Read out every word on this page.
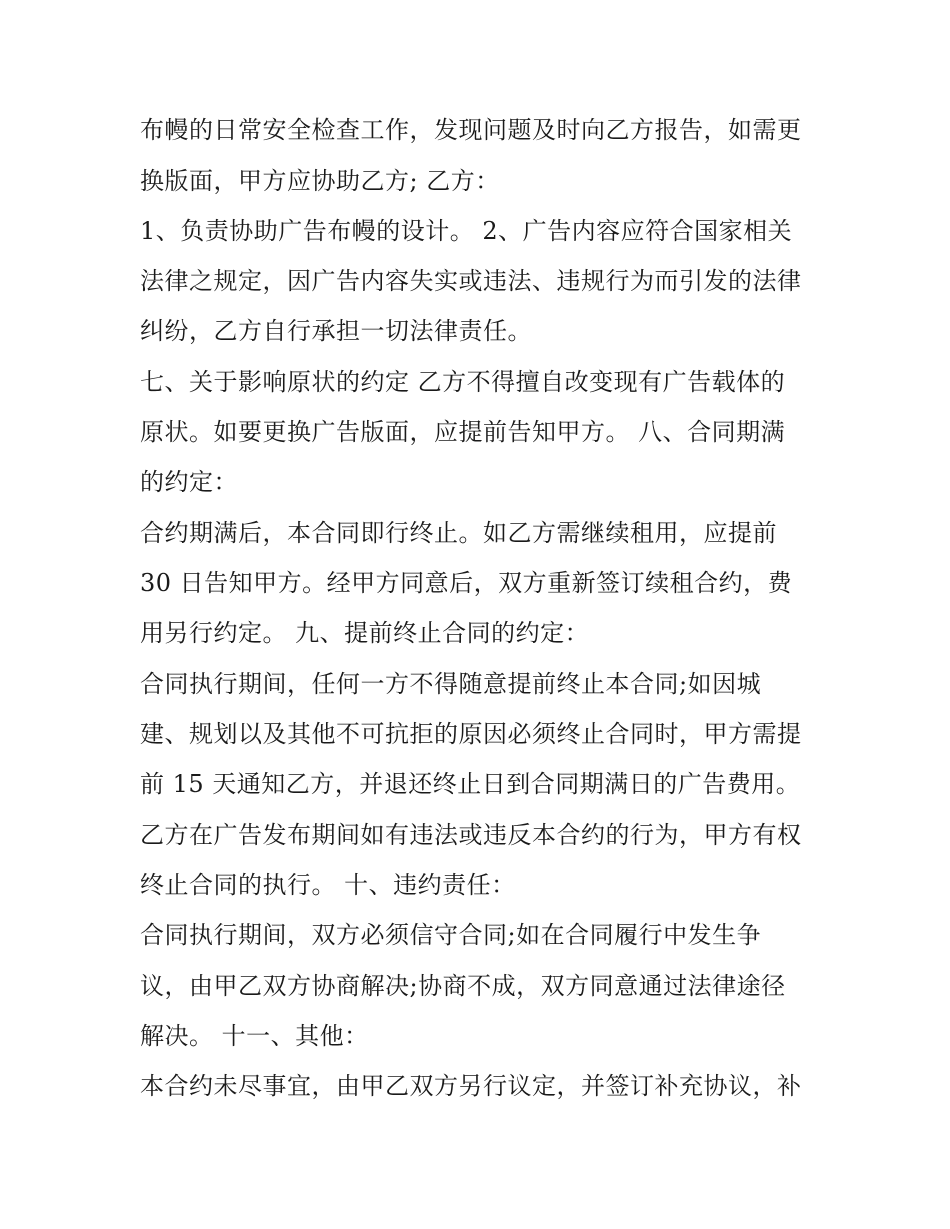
布幔的日常安全检查工作，发现问题及时向乙方报告，如需更
换版面，甲方应协助乙方; 乙方：
1、负责协助广告布幔的设计。 2、广告内容应符合国家相关
法律之规定，因广告内容失实或违法、违规行为而引发的法律
纠纷，乙方自行承担一切法律责任。
七、关于影响原状的约定 乙方不得擅自改变现有广告载体的
原状。如要更换广告版面，应提前告知甲方。 八、合同期满
的约定：
合约期满后，本合同即行终止。如乙方需继续租用，应提前
30 日告知甲方。经甲方同意后，双方重新签订续租合约，费
用另行约定。 九、提前终止合同的约定：
合同执行期间，任何一方不得随意提前终止本合同;如因城
建、规划以及其他不可抗拒的原因必须终止合同时，甲方需提
前 15 天通知乙方，并退还终止日到合同期满日的广告费用。
乙方在广告发布期间如有违法或违反本合约的行为，甲方有权
终止合同的执行。 十、违约责任：
合同执行期间，双方必须信守合同;如在合同履行中发生争
议，由甲乙双方协商解决;协商不成，双方同意通过法律途径
解决。 十一、其他：
本合约未尽事宜，由甲乙双方另行议定，并签订补充协议，补
